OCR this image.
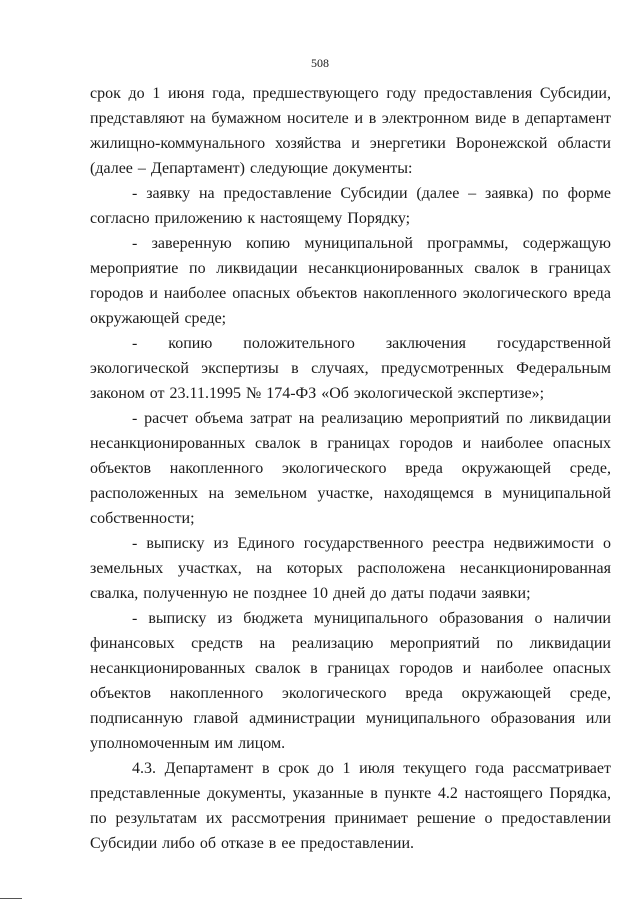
508

срок до 1 июня года, предшествующего году предоставления Субсидии, представляют на бумажном носителе и в электронном виде в департамент жилищно-коммунального хозяйства и энергетики Воронежской области (далее – Департамент) следующие документы:

- заявку на предоставление Субсидии (далее – заявка) по форме согласно приложению к настоящему Порядку;

- заверенную копию муниципальной программы, содержащую мероприятие по ликвидации несанкционированных свалок в границах городов и наиболее опасных объектов накопленного экологического вреда окружающей среде;

- копию положительного заключения государственной экологической экспертизы в случаях, предусмотренных Федеральным законом от 23.11.1995 № 174-ФЗ «Об экологической экспертизе»;

- расчет объема затрат на реализацию мероприятий по ликвидации несанкционированных свалок в границах городов и наиболее опасных объектов накопленного экологического вреда окружающей среде, расположенных на земельном участке, находящемся в муниципальной собственности;

- выписку из Единого государственного реестра недвижимости о земельных участках, на которых расположена несанкционированная свалка, полученную не позднее 10 дней до даты подачи заявки;

- выписку из бюджета муниципального образования о наличии финансовых средств на реализацию мероприятий по ликвидации несанкционированных свалок в границах городов и наиболее опасных объектов накопленного экологического вреда окружающей среде, подписанную главой администрации муниципального образования или уполномоченным им лицом.

4.3. Департамент в срок до 1 июля текущего года рассматривает представленные документы, указанные в пункте 4.2 настоящего Порядка, по результатам их рассмотрения принимает решение о предоставлении Субсидии либо об отказе в ее предоставлении.
